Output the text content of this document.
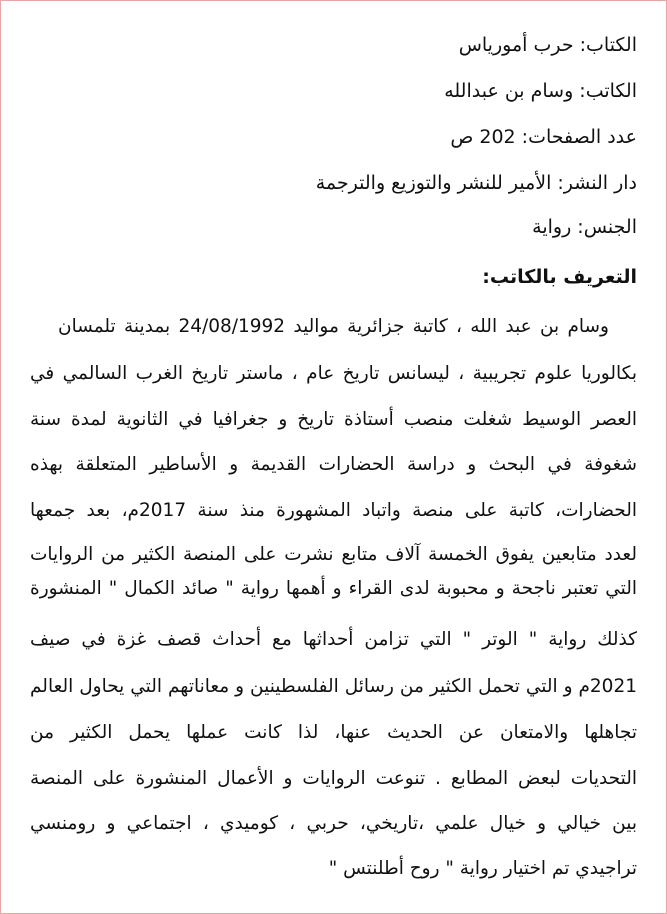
الكتاب: حرب أموريا‌س
الكاتب: وسام بن عبدالله
عدد الصفحات: 202 ص
دار النشر: الأمير للنشر والتوزيع والترجمة
الجنس: رواية
التعريف بالكاتب:
وسام بن عبد الله ، كاتبة جزائرية مواليد 24/08/1992 بمدينة تلمسان
بكالوريا علوم تجريبية ، ليسانس تاريخ عام ، ماستر تاريخ الغرب السالمي في
العصر الوسيط شغلت منصب أستاذة تاريخ و جغرافيا في الثانوية لمدة سنة
شغوفة في البحث و دراسة الحضارات القديمة و الأساطير المتعلقة بهذه
الحضارات، كاتبة على منصة واتباد المشهورة منذ سنة 2017م، بعد جمعها
لعدد متابعين يفوق الخمسة آلاف متابع نشرت على المنصة الكثير من الروايات
التي تعتبر ناجحة و محبوبة لدى القراء و أهمها رواية " صائد الكمال " المنشورة
كذلك رواية " الوتر " التي تزامن أحداثها مع أحداث قصف غزة في صيف
2021م و التي تحمل الكثير من رسائل الفلسطينين و معاناتهم التي يحاول العالم
تجاهلها والامتعان عن الحديث عنها، لذا كانت عملها يحمل الكثير من
التحديات لبعض المطابع . تنوعت الروايات و الأعمال المنشورة على المنصة
بين خيالي و خيال علمي ،تاريخي، حربي ، كوميدي ، اجتماعي و رومنسي
تراجيدي تم اختيار رواية " روح أطلنتس "
